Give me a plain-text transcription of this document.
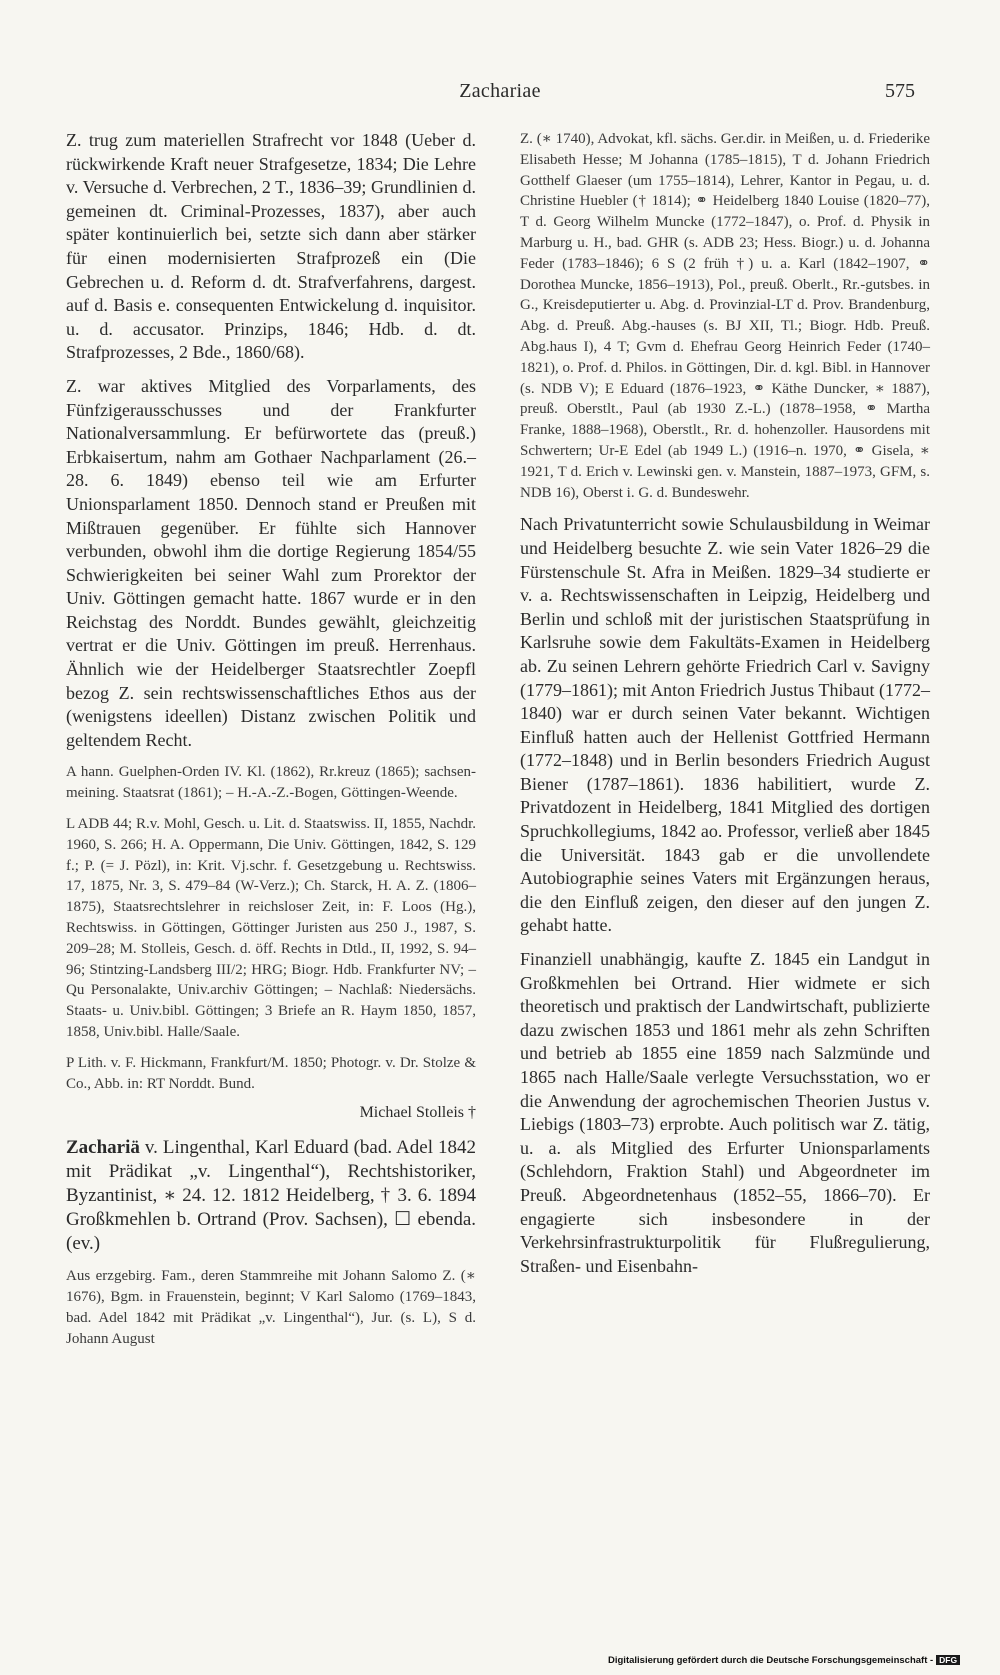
Zachariae	575

Z. trug zum materiellen Strafrecht vor 1848 (Ueber d. rückwirkende Kraft neuer Strafgesetze, 1834; Die Lehre v. Versuche d. Verbrechen, 2 T., 1836–39; Grundlinien d. gemeinen dt. Criminal-Prozesses, 1837), aber auch später kontinuierlich bei, setzte sich dann aber stärker für einen modernisierten Strafprozeß ein (Die Gebrechen u. d. Reform d. dt. Strafverfahrens, dargest. auf d. Basis e. consequenten Entwickelung d. inquisitor. u. d. accusator. Prinzips, 1846; Hdb. d. dt. Strafprozesses, 2 Bde., 1860/68).

Z. war aktives Mitglied des Vorparlaments, des Fünfzigerausschusses und der Frankfurter Nationalversammlung. Er befürwortete das (preuß.) Erbkaisertum, nahm am Gothaer Nachparlament (26.–28. 6. 1849) ebenso teil wie am Erfurter Unionsparlament 1850. Dennoch stand er Preußen mit Mißtrauen gegenüber. Er fühlte sich Hannover verbunden, obwohl ihm die dortige Regierung 1854/55 Schwierigkeiten bei seiner Wahl zum Prorektor der Univ. Göttingen gemacht hatte. 1867 wurde er in den Reichstag des Norddt. Bundes gewählt, gleichzeitig vertrat er die Univ. Göttingen im preuß. Herrenhaus. Ähnlich wie der Heidelberger Staatsrechtler Zoepfl bezog Z. sein rechtswissenschaftliches Ethos aus der (wenigstens ideellen) Distanz zwischen Politik und geltendem Recht.

A hann. Guelphen-Orden IV. Kl. (1862), Rr.kreuz (1865); sachsen-meining. Staatsrat (1861); – H.-A.-Z.-Bogen, Göttingen-Weende.

L ADB 44; R.v. Mohl, Gesch. u. Lit. d. Staatswiss. II, 1855, Nachdr. 1960, S. 266; H. A. Oppermann, Die Univ. Göttingen, 1842, S. 129 f.; P. (= J. Pözl), in: Krit. Vj.schr. f. Gesetzgebung u. Rechtswiss. 17, 1875, Nr. 3, S. 479–84 (W-Verz.); Ch. Starck, H. A. Z. (1806–1875), Staatsrechtslehrer in reichsloser Zeit, in: F. Loos (Hg.), Rechtswiss. in Göttingen, Göttinger Juristen aus 250 J., 1987, S. 209–28; M. Stolleis, Gesch. d. öff. Rechts in Dtld., II, 1992, S. 94–96; Stintzing-Landsberg III/2; HRG; Biogr. Hdb. Frankfurter NV; – Qu Personalakte, Univ.archiv Göttingen; – Nachlaß: Niedersächs. Staats- u. Univ.bibl. Göttingen; 3 Briefe an R. Haym 1850, 1857, 1858, Univ.bibl. Halle/Saale.

P Lith. v. F. Hickmann, Frankfurt/M. 1850; Photogr. v. Dr. Stolze & Co., Abb. in: RT Norddt. Bund.

Michael Stolleis †

Zachariä v. Lingenthal, Karl Eduard (bad. Adel 1842 mit Prädikat „v. Lingenthal“), Rechtshistoriker, Byzantinist, ∗ 24. 12. 1812 Heidelberg, † 3. 6. 1894 Großkmehlen b. Ortrand (Prov. Sachsen), ☐ ebenda. (ev.)

Aus erzgebirg. Fam., deren Stammreihe mit Johann Salomo Z. (∗ 1676), Bgm. in Frauenstein, beginnt; V Karl Salomo (1769–1843, bad. Adel 1842 mit Prädikat „v. Lingenthal“), Jur. (s. L), S d. Johann August

Z. (∗ 1740), Advokat, kfl. sächs. Ger.dir. in Meißen, u. d. Friederike Elisabeth Hesse; M Johanna (1785–1815), T d. Johann Friedrich Gotthelf Glaeser (um 1755–1814), Lehrer, Kantor in Pegau, u. d. Christine Huebler († 1814); ⚭ Heidelberg 1840 Louise (1820–77), T d. Georg Wilhelm Muncke (1772–1847), o. Prof. d. Physik in Marburg u. H., bad. GHR (s. ADB 23; Hess. Biogr.) u. d. Johanna Feder (1783–1846); 6 S (2 früh †) u. a. Karl (1842–1907, ⚭ Dorothea Muncke, 1856–1913), Pol., preuß. Oberlt., Rr.-gutsbes. in G., Kreisdeputierter u. Abg. d. Provinzial-LT d. Prov. Brandenburg, Abg. d. Preuß. Abg.-hauses (s. BJ XII, Tl.; Biogr. Hdb. Preuß. Abg.haus I), 4 T; Gvm d. Ehefrau Georg Heinrich Feder (1740–1821), o. Prof. d. Philos. in Göttingen, Dir. d. kgl. Bibl. in Hannover (s. NDB V); E Eduard (1876–1923, ⚭ Käthe Duncker, ∗ 1887), preuß. Oberstlt., Paul (ab 1930 Z.-L.) (1878–1958, ⚭ Martha Franke, 1888–1968), Oberstlt., Rr. d. hohenzoller. Hausordens mit Schwertern; Ur-E Edel (ab 1949 L.) (1916–n. 1970, ⚭ Gisela, ∗ 1921, T d. Erich v. Lewinski gen. v. Manstein, 1887–1973, GFM, s. NDB 16), Oberst i. G. d. Bundeswehr.

Nach Privatunterricht sowie Schulausbildung in Weimar und Heidelberg besuchte Z. wie sein Vater 1826–29 die Fürstenschule St. Afra in Meißen. 1829–34 studierte er v. a. Rechtswissenschaften in Leipzig, Heidelberg und Berlin und schloß mit der juristischen Staatsprüfung in Karlsruhe sowie dem Fakultäts-Examen in Heidelberg ab. Zu seinen Lehrern gehörte Friedrich Carl v. Savigny (1779–1861); mit Anton Friedrich Justus Thibaut (1772–1840) war er durch seinen Vater bekannt. Wichtigen Einfluß hatten auch der Hellenist Gottfried Hermann (1772–1848) und in Berlin besonders Friedrich August Biener (1787–1861). 1836 habilitiert, wurde Z. Privatdozent in Heidelberg, 1841 Mitglied des dortigen Spruchkollegiums, 1842 ao. Professor, verließ aber 1845 die Universität. 1843 gab er die unvollendete Autobiographie seines Vaters mit Ergänzungen heraus, die den Einfluß zeigen, den dieser auf den jungen Z. gehabt hatte.

Finanziell unabhängig, kaufte Z. 1845 ein Landgut in Großkmehlen bei Ortrand. Hier widmete er sich theoretisch und praktisch der Landwirtschaft, publizierte dazu zwischen 1853 und 1861 mehr als zehn Schriften und betrieb ab 1855 eine 1859 nach Salzmünde und 1865 nach Halle/Saale verlegte Versuchsstation, wo er die Anwendung der agrochemischen Theorien Justus v. Liebigs (1803–73) erprobte. Auch politisch war Z. tätig, u. a. als Mitglied des Erfurter Unionsparlaments (Schlehdorn, Fraktion Stahl) und Abgeordneter im Preuß. Abgeordnetenhaus (1852–55, 1866–70). Er engagierte sich insbesondere in der Verkehrsinfrastrukturpolitik für Flußregulierung, Straßen- und Eisenbahn-

Digitalisierung gefördert durch die Deutsche Forschungsgemeinschaft - DFG
